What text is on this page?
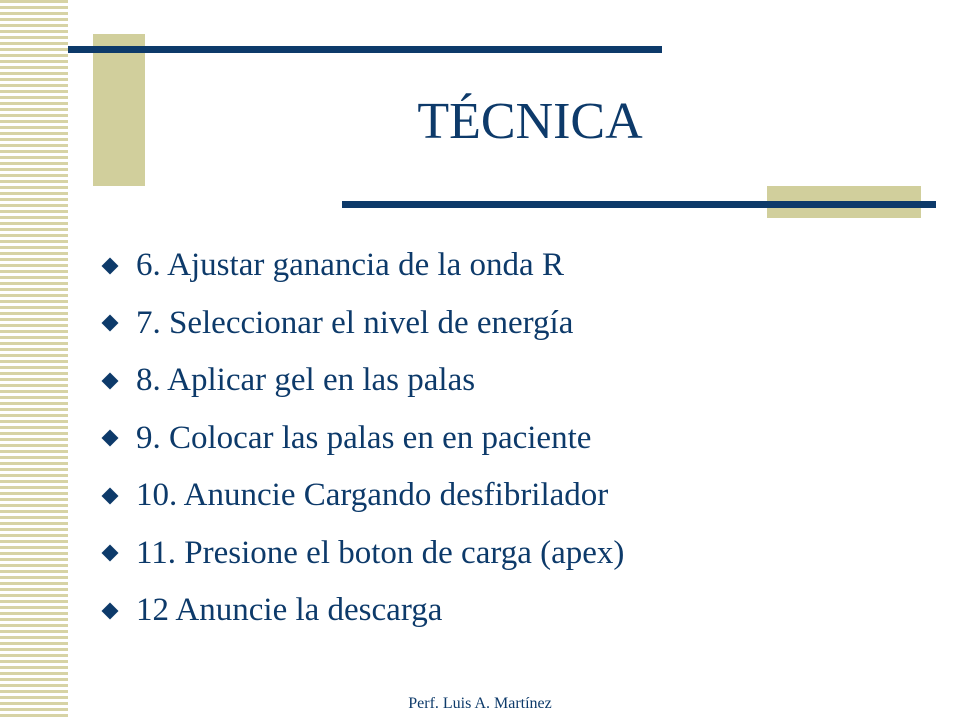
TÉCNICA
6. Ajustar ganancia de la onda R
7. Seleccionar el nivel de energía
8. Aplicar gel en las palas
9. Colocar las palas en en paciente
10. Anuncie Cargando desfibrilador
11. Presione el boton de carga (apex)
12 Anuncie la descarga
Perf. Luis A. Martínez
